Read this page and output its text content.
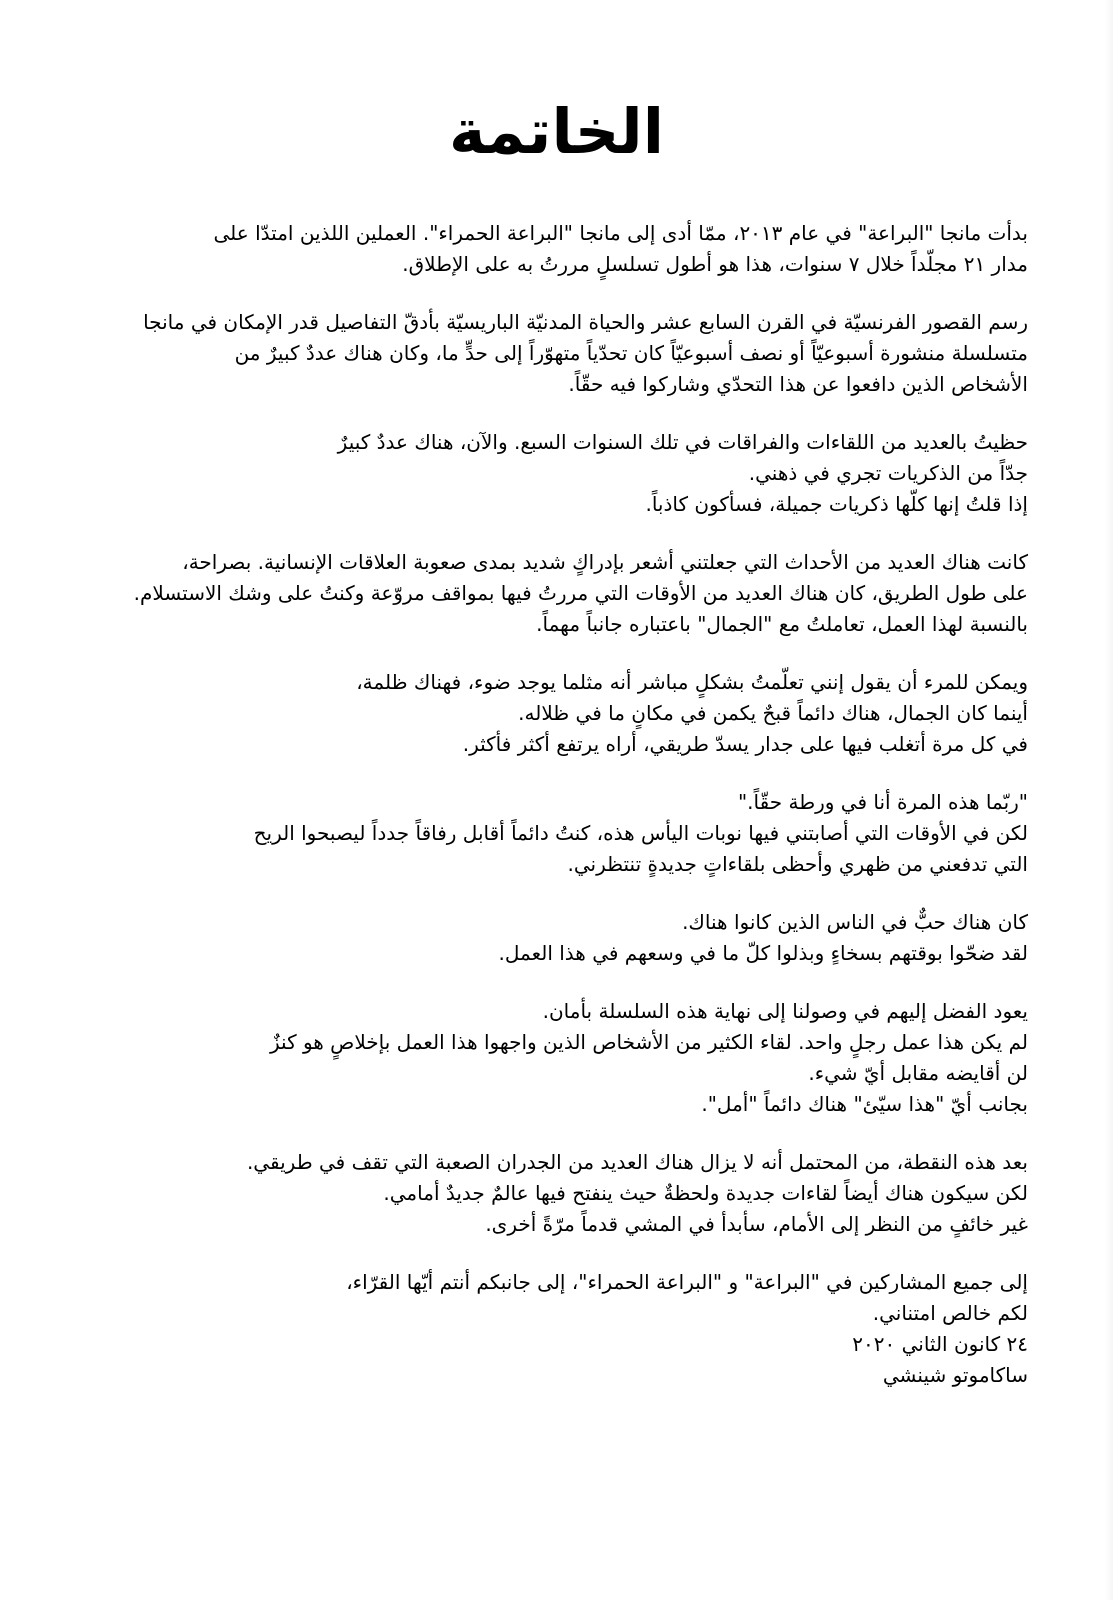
الخاتمة

بدأت مانجا "البراعة" في عام ٢٠١٣، ممّا أدى إلى مانجا "البراعة الحمراء". العملين اللذين امتدّا على
مدار ٢١ مجلّداً خلال ٧ سنوات، هذا هو أطول تسلسلٍ مررتُ به على الإطلاق.

رسم القصور الفرنسيّة في القرن السابع عشر والحياة المدنيّة الباريسيّة بأدقّ التفاصيل قدر الإمكان في مانجا
متسلسلة منشورة أسبوعيّاً أو نصف أسبوعيّاً كان تحدّياً متهوّراً إلى حدٍّ ما، وكان هناك عددٌ كبيرٌ من
الأشخاص الذين دافعوا عن هذا التحدّي وشاركوا فيه حقّاً.

حظيتُ بالعديد من اللقاءات والفراقات في تلك السنوات السبع. والآن، هناك عددٌ كبيرٌ
جدّاً من الذكريات تجري في ذهني.
إذا قلتُ إنها كلّها ذكريات جميلة، فسأكون كاذباً.

كانت هناك العديد من الأحداث التي جعلتني أشعر بإدراكٍ شديد بمدى صعوبة العلاقات الإنسانية. بصراحة،
على طول الطريق، كان هناك العديد من الأوقات التي مررتُ فيها بمواقف مروّعة وكنتُ على وشك الاستسلام.
بالنسبة لهذا العمل، تعاملتُ مع "الجمال" باعتباره جانباً مهماً.

ويمكن للمرء أن يقول إنني تعلّمتُ بشكلٍ مباشر أنه مثلما يوجد ضوء، فهناك ظلمة،
أينما كان الجمال، هناك دائماً قبحٌ يكمن في مكانٍ ما في ظلاله.
في كل مرة أتغلب فيها على جدار يسدّ طريقي، أراه يرتفع أكثر فأكثر.

"ربّما هذه المرة أنا في ورطة حقّاً."
لكن في الأوقات التي أصابتني فيها نوبات اليأس هذه، كنتُ دائماً أقابل رفاقاً جدداً ليصبحوا الريح
التي تدفعني من ظهري وأحظى بلقاءاتٍ جديدةٍ تنتظرني.

كان هناك حبٌّ في الناس الذين كانوا هناك.
لقد ضحّوا بوقتهم بسخاءٍ وبذلوا كلّ ما في وسعهم في هذا العمل.

يعود الفضل إليهم في وصولنا إلى نهاية هذه السلسلة بأمان.
لم يكن هذا عمل رجلٍ واحد. لقاء الكثير من الأشخاص الذين واجهوا هذا العمل بإخلاصٍ هو كنزٌ
لن أقايضه مقابل أيّ شيء.
بجانب أيّ "هذا سيّئ" هناك دائماً "أمل".

بعد هذه النقطة، من المحتمل أنه لا يزال هناك العديد من الجدران الصعبة التي تقف في طريقي.
لكن سيكون هناك أيضاً لقاءات جديدة ولحظةٌ حيث ينفتح فيها عالمٌ جديدٌ أمامي.
غير خائفٍ من النظر إلى الأمام، سأبدأ في المشي قدماً مرّةً أخرى.

إلى جميع المشاركين في "البراعة" و "البراعة الحمراء"، إلى جانبكم أنتم أيّها القرّاء،
لكم خالص امتناني.
٢٤ كانون الثاني ٢٠٢٠
ساكاموتو شينشي
